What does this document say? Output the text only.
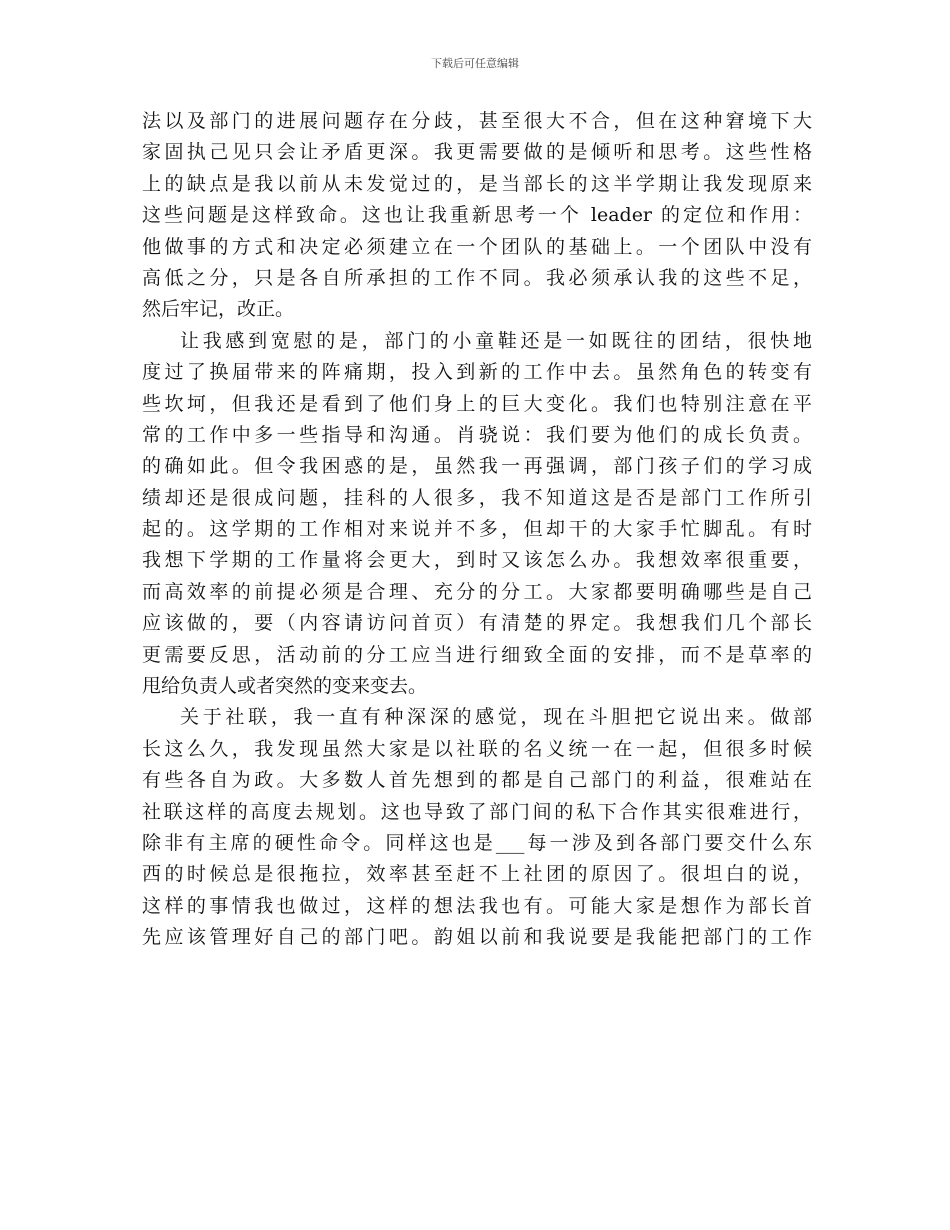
下载后可任意编辑
法以及部门的进展问题存在分歧，甚至很大不合，但在这种窘境下大
家固执己见只会让矛盾更深。我更需要做的是倾听和思考。这些性格
上的缺点是我以前从未发觉过的，是当部长的这半学期让我发现原来
这些问题是这样致命。这也让我重新思考一个 leader 的定位和作用：
他做事的方式和决定必须建立在一个团队的基础上。一个团队中没有
高低之分，只是各自所承担的工作不同。我必须承认我的这些不足，
然后牢记，改正。
让我感到宽慰的是，部门的小童鞋还是一如既往的团结，很快地
度过了换届带来的阵痛期，投入到新的工作中去。虽然角色的转变有
些坎坷，但我还是看到了他们身上的巨大变化。我们也特别注意在平
常的工作中多一些指导和沟通。肖骁说：我们要为他们的成长负责。
的确如此。但令我困惑的是，虽然我一再强调，部门孩子们的学习成
绩却还是很成问题，挂科的人很多，我不知道这是否是部门工作所引
起的。这学期的工作相对来说并不多，但却干的大家手忙脚乱。有时
我想下学期的工作量将会更大，到时又该怎么办。我想效率很重要，
而高效率的前提必须是合理、充分的分工。大家都要明确哪些是自己
应该做的，要（内容请访问首页）有清楚的界定。我想我们几个部长
更需要反思，活动前的分工应当进行细致全面的安排，而不是草率的
甩给负责人或者突然的变来变去。
关于社联，我一直有种深深的感觉，现在斗胆把它说出来。做部
长这么久，我发现虽然大家是以社联的名义统一在一起，但很多时候
有些各自为政。大多数人首先想到的都是自己部门的利益，很难站在
社联这样的高度去规划。这也导致了部门间的私下合作其实很难进行，
除非有主席的硬性命令。同样这也是___每一涉及到各部门要交什么东
西的时候总是很拖拉，效率甚至赶不上社团的原因了。很坦白的说，
这样的事情我也做过，这样的想法我也有。可能大家是想作为部长首
先应该管理好自己的部门吧。韵姐以前和我说要是我能把部门的工作
